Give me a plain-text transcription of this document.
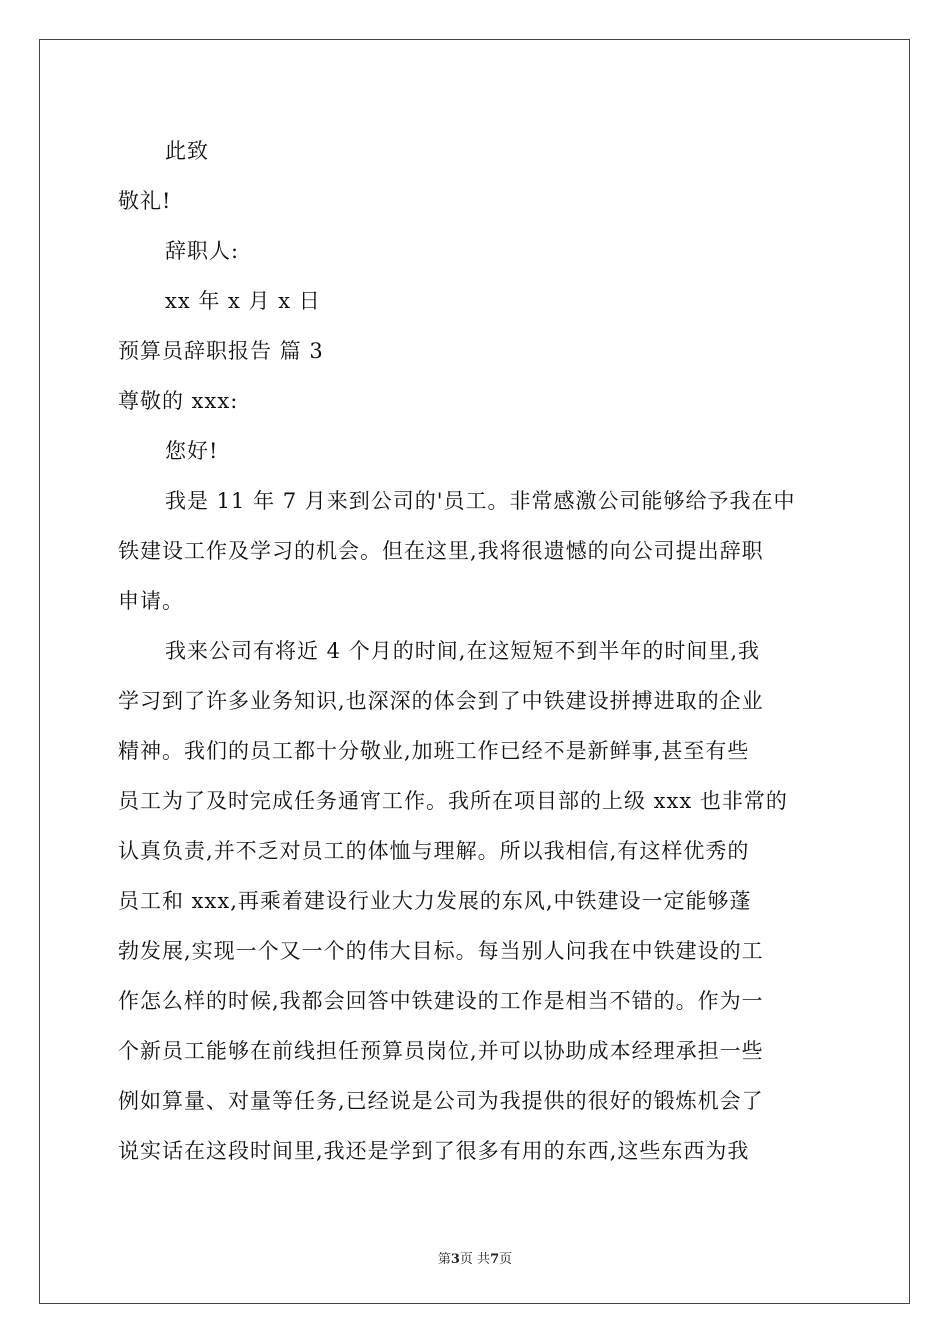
此致
敬礼!
辞职人:
xx 年 x 月 x 日
预算员辞职报告 篇 3
尊敬的 xxx:
您好!
我是 11 年 7 月来到公司的'员工。非常感激公司能够给予我在中
铁建设工作及学习的机会。但在这里,我将很遗憾的向公司提出辞职
申请。
我来公司有将近 4 个月的时间,在这短短不到半年的时间里,我
学习到了许多业务知识,也深深的体会到了中铁建设拼搏进取的企业
精神。我们的员工都十分敬业,加班工作已经不是新鲜事,甚至有些
员工为了及时完成任务通宵工作。我所在项目部的上级 xxx 也非常的
认真负责,并不乏对员工的体恤与理解。所以我相信,有这样优秀的
员工和 xxx,再乘着建设行业大力发展的东风,中铁建设一定能够蓬
勃发展,实现一个又一个的伟大目标。每当别人问我在中铁建设的工
作怎么样的时候,我都会回答中铁建设的工作是相当不错的。作为一
个新员工能够在前线担任预算员岗位,并可以协助成本经理承担一些
例如算量、对量等任务,已经说是公司为我提供的很好的锻炼机会了
说实话在这段时间里,我还是学到了很多有用的东西,这些东西为我
第3页 共7页
